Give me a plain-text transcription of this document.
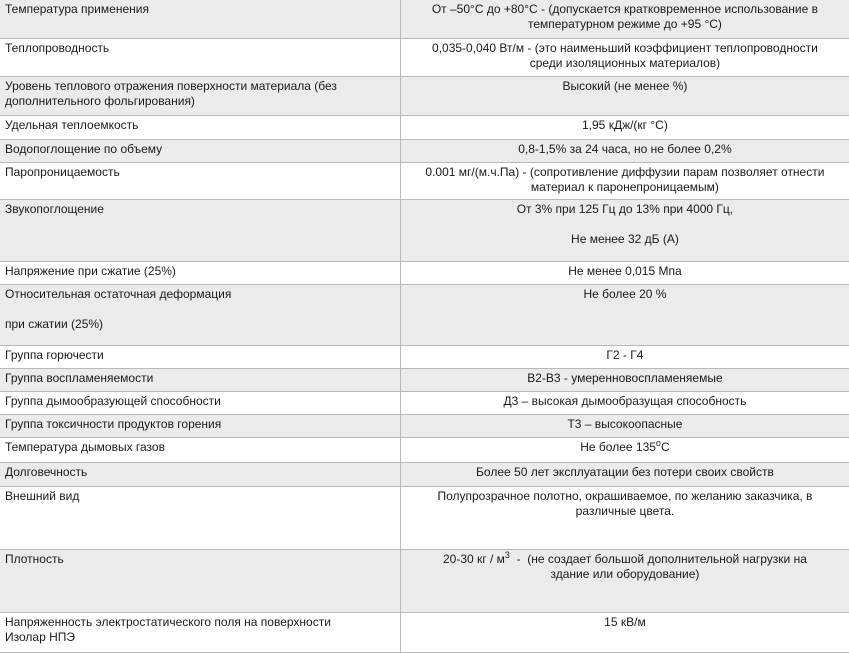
Температура применения	От –50°С до +80°С - (допускается кратковременное использование в
температурном режиме до +95 °С)

Теплопроводность	0,035-0,040 Вт/м - (это наименьший коэффициент теплопроводности
среди изоляционных материалов)

Уровень теплового отражения поверхности материала (без
дополнительного фольгирования)	Высокий (не менее %)

Удельная теплоемкость	1,95 кДж/(кг °С)

Водопоглощение по объему	0,8-1,5% за 24 часа, но не более 0,2%

Паропроницаемость	0.001 мг/(м.ч.Па) - (сопротивление диффузии парам позволяет отнести
материал к паронепроницаемым)

Звукопоглощение	От 3% при 125 Гц до 13% при 4000 Гц,
Не менее 32 дБ (А)

Напряжение при сжатие (25%)	Не менее 0,015 Мпа

Относительная остаточная деформация
при сжатии (25%)	Не более 20 %

Группа горючести	Г2 - Г4

Группа воспламеняемости	В2-В3 - умеренновоспламеняемые

Группа дымообразующей способности	Д3 – высокая дымообразущая способность

Группа токсичности продуктов горения	Т3 – высокоопасные

Температура дымовых газов	Не более 135$^o$С

Долговечность	Более 50 лет эксплуатации без потери своих свойств

Внешний вид	Полупрозрачное полотно, окрашиваемое, по желанию заказчика, в
различные цвета.

Плотность	20-30 кг / $м^3 - (не$ создает большой дополнительной нагрузки на
здание или оборудование)

Напряженность электростатического поля на поверхности
Изолар НПЭ	15 кВ/м
